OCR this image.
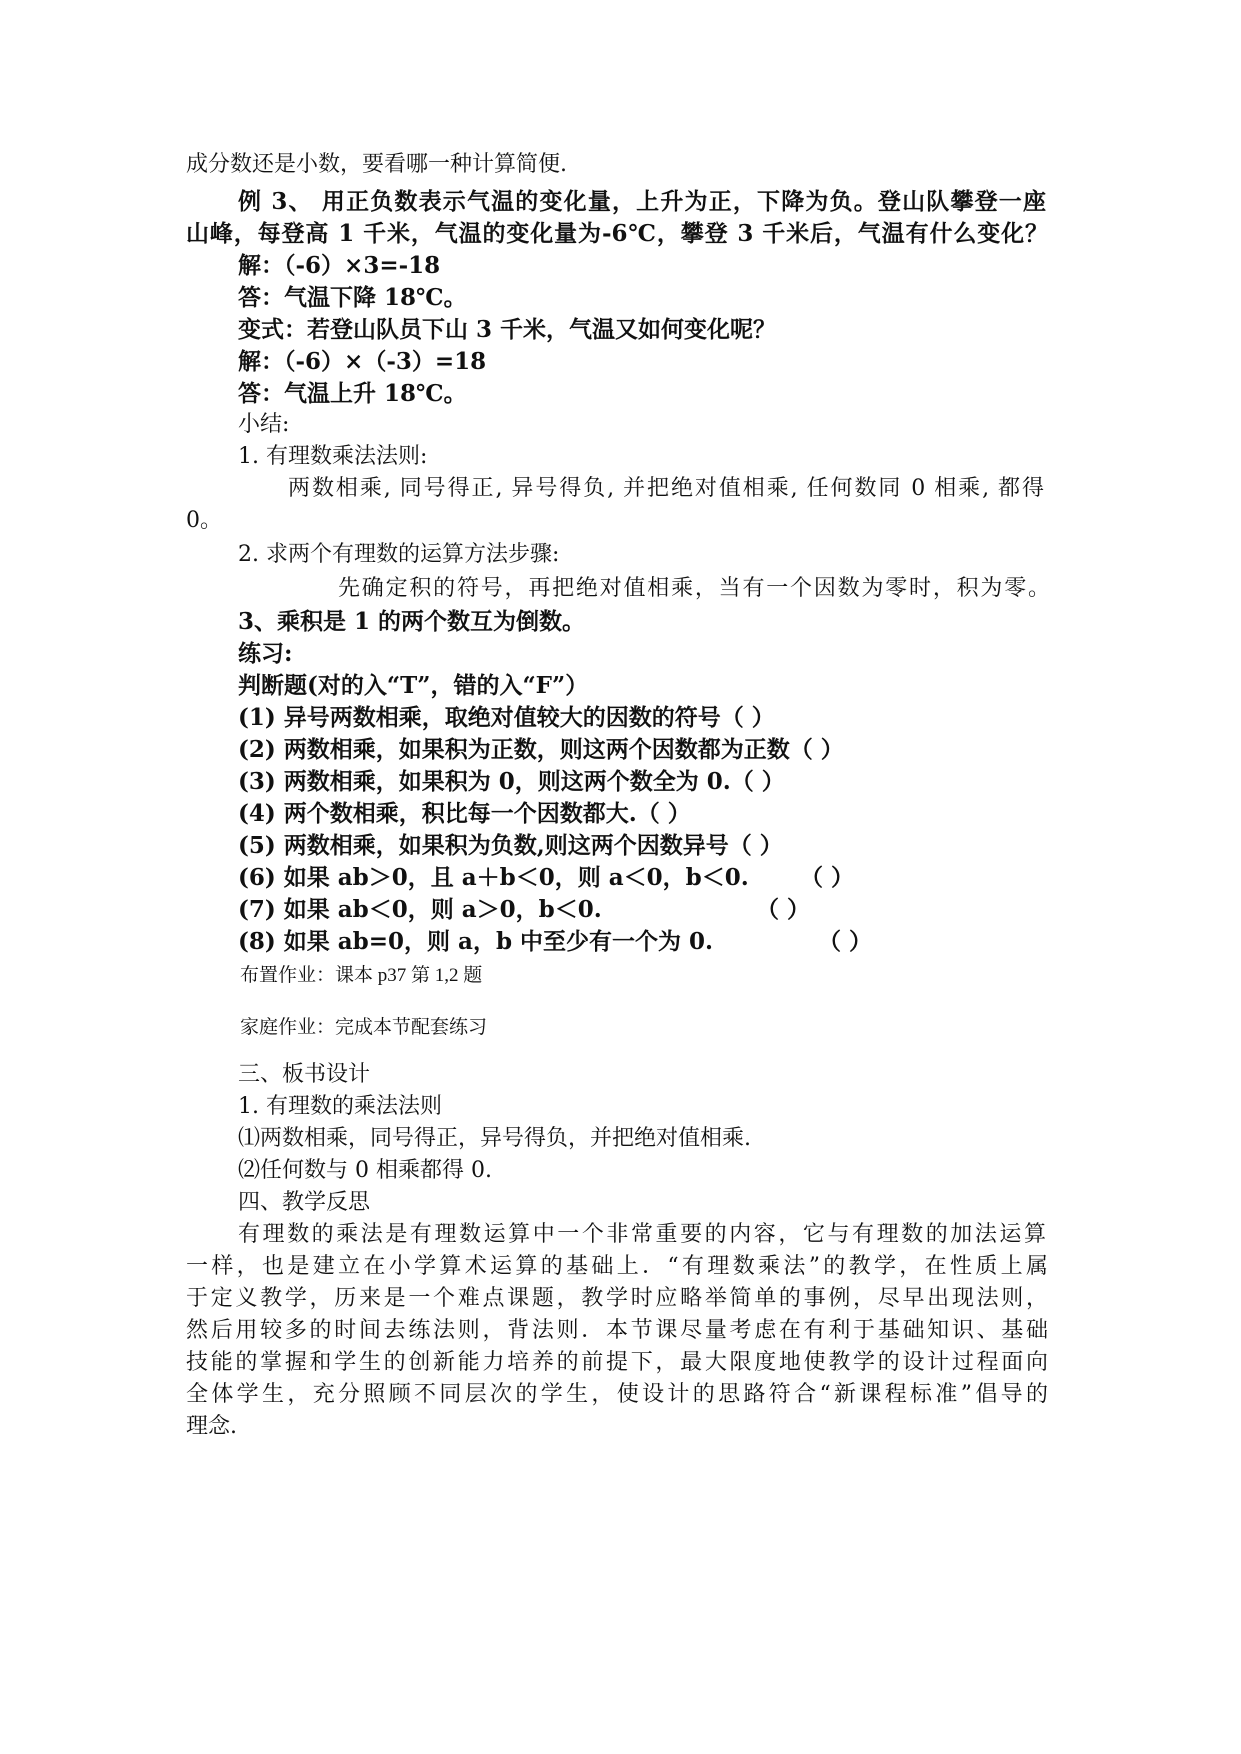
成分数还是小数，要看哪一种计算简便.
例 3、 用正负数表示气温的变化量，上升为正，下降为负。登山队攀登一座
山峰，每登高 1 千米，气温的变化量为-6℃，攀登 3 千米后，气温有什么变化？
解：（-6）×3=-18
答：气温下降 18℃。
变式：若登山队员下山 3 千米，气温又如何变化呢？
解：（-6）×（-3）=18
答：气温上升 18℃。
小结:
1. 有理数乘法法则:
两数相乘, 同号得正, 异号得负, 并把绝对值相乘, 任何数同 0 相乘, 都得
0。
2. 求两个有理数的运算方法步骤:
先确定积的符号，再把绝对值相乘，当有一个因数为零时，积为零。
3、乘积是 1 的两个数互为倒数。
练习:
判断题(对的入“T”，错的入“F”）
(1) 异号两数相乘，取绝对值较大的因数的符号（ ）
(2) 两数相乘，如果积为正数，则这两个因数都为正数（ ）
(3) 两数相乘，如果积为 0，则这两个数全为 0.（ ）
(4) 两个数相乘，积比每一个因数都大.（ ）
(5) 两数相乘，如果积为负数,则这两个因数异号（ ）
(6) 如果 ab＞0，且 a＋b＜0，则 a＜0，b＜0. （ ）
(7) 如果 ab＜0，则 a＞0，b＜0.	（ ）
(8) 如果 ab=0，则 a，b 中至少有一个为 0.	（ ）
布置作业：课本 p37 第 1,2 题
家庭作业：完成本节配套练习
三、板书设计
1. 有理数的乘法法则
⑴两数相乘，同号得正，异号得负，并把绝对值相乘.
⑵任何数与 0 相乘都得 0.
四、教学反思
有理数的乘法是有理数运算中一个非常重要的内容，它与有理数的加法运算
一样，也是建立在小学算术运算的基础上．“有理数乘法”的教学，在性质上属
于定义教学，历来是一个难点课题，教学时应略举简单的事例，尽早出现法则，
然后用较多的时间去练法则，背法则．本节课尽量考虑在有利于基础知识、基础
技能的掌握和学生的创新能力培养的前提下，最大限度地使教学的设计过程面向
全体学生，充分照顾不同层次的学生，使设计的思路符合“新课程标准”倡导的
理念.
